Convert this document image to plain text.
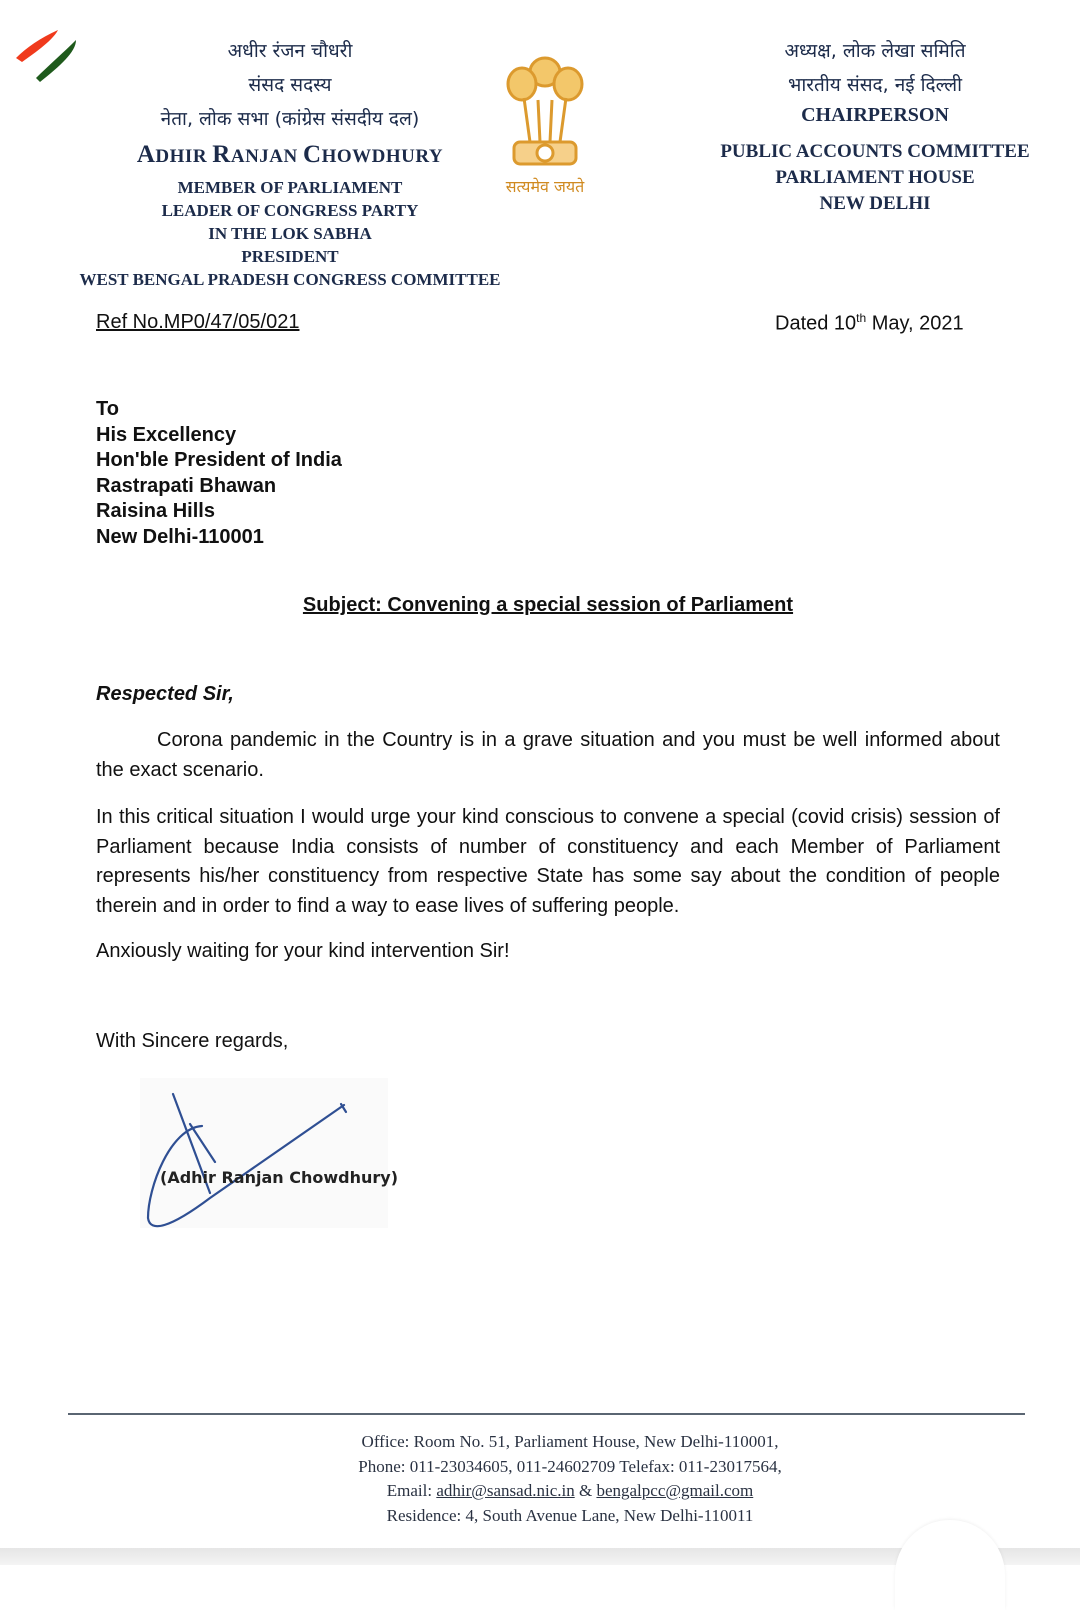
अधीर रंजन चौधरी
संसद सदस्य
नेता, लोक सभा (कांग्रेस संसदीय दल)
ADHIR RANJAN CHOWDHURY
MEMBER OF PARLIAMENT
LEADER OF CONGRESS PARTY
IN THE LOK SABHA
PRESIDENT
WEST BENGAL PRADESH CONGRESS COMMITTEE
सत्यमेव जयते
अध्यक्ष, लोक लेखा समिति
भारतीय संसद, नई दिल्ली
CHAIRPERSON
PUBLIC ACCOUNTS COMMITTEE
PARLIAMENT HOUSE
NEW DELHI
Ref No.MP0/47/05/021	Dated 10th May, 2021
To
His Excellency
Hon'ble President of India
Rastrapati Bhawan
Raisina Hills
New Delhi-110001
Subject: Convening a special session of Parliament
Respected Sir,
Corona pandemic in the Country is in a grave situation and you must be well informed about the exact scenario.
In this critical situation I would urge your kind conscious to convene a special (covid crisis) session of Parliament because India consists of number of constituency and each Member of Parliament represents his/her constituency from respective State has some say about the condition of people therein and in order to find a way to ease lives of suffering people.
Anxiously waiting for your kind intervention Sir!
With Sincere regards,
(Adhir Ranjan Chowdhury)
Office: Room No. 51, Parliament House, New Delhi-110001,
Phone: 011-23034605, 011-24602709 Telefax: 011-23017564,
Email: adhir@sansad.nic.in & bengalpcc@gmail.com
Residence: 4, South Avenue Lane, New Delhi-110011
